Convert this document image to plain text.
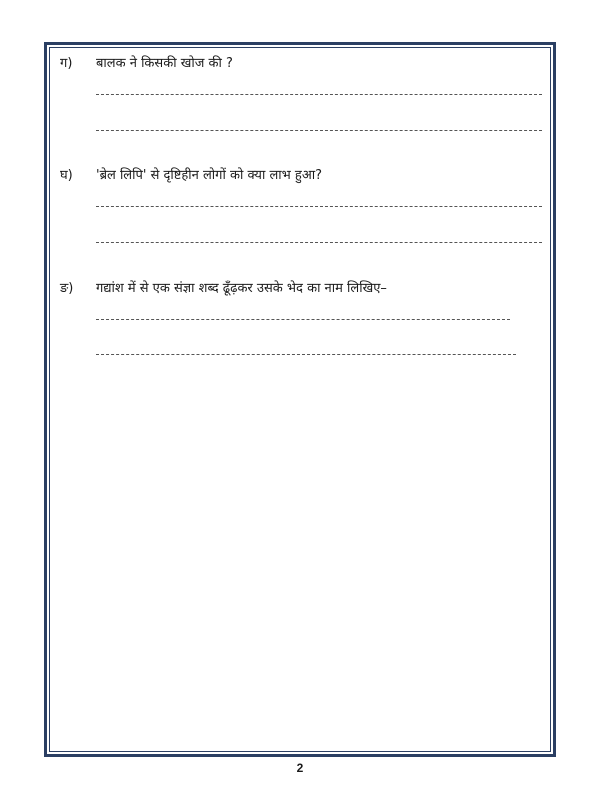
ग) बालक ने किसकी खोज की ?
घ) 'ब्रेल लिपि' से दृष्टिहीन लोगों को क्या लाभ हुआ?
ङ) गद्यांश में से एक संज्ञा शब्द ढूँढ़कर उसके भेद का नाम लिखिए–
2
